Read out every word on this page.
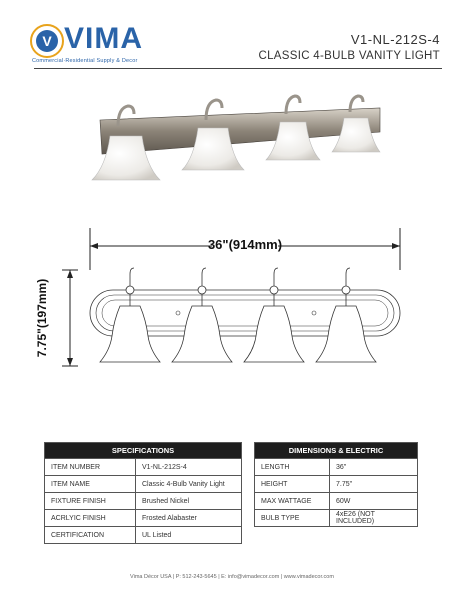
V VIMA
Commercial·Residential Supply & Decor
V1-NL-212S-4
CLASSIC 4-BULB VANITY LIGHT
36"(914mm)
7.75"(197mm)
SPECIFICATIONS	
ITEM NUMBER	V1-NL-212S-4
ITEM NAME	Classic 4-Bulb Vanity Light
FIXTURE FINISH	Brushed Nickel
ACRLYIC FINISH	Frosted Alabaster
CERTIFICATION	UL Listed
DIMENSIONS & ELECTRIC	
LENGTH	36"
HEIGHT	7.75"
MAX WATTAGE	60W
BULB TYPE	4xE26 (NOT INCLUDED)
Vima Décor USA | P: 512-243-5645 | E: info@vimadecor.com | www.vimadecor.com
